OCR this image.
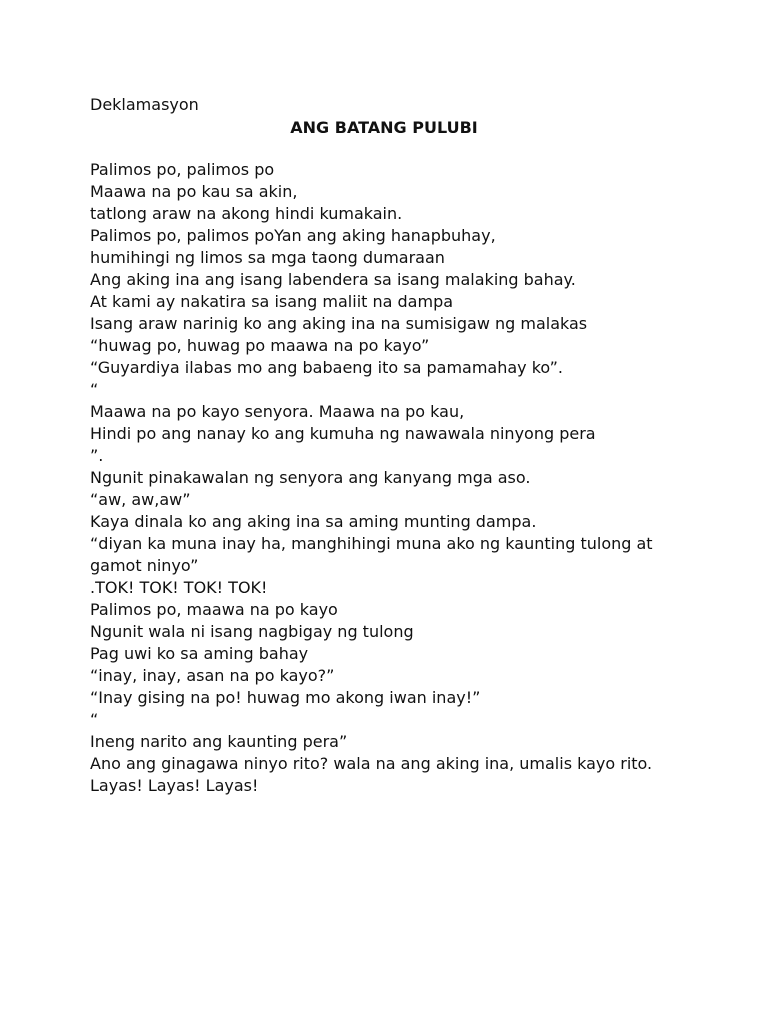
Deklamasyon
ANG BATANG PULUBI
Palimos po, palimos po
Maawa na po kau sa akin,
tatlong araw na akong hindi kumakain.
Palimos po, palimos poYan ang aking hanapbuhay,
humihingi ng limos sa mga taong dumaraan
Ang aking ina ang isang labendera sa isang malaking bahay.
At kami ay nakatira sa isang maliit na dampa
Isang araw narinig ko ang aking ina na sumisigaw ng malakas
“huwag po, huwag po maawa na po kayo”
“Guyardiya ilabas mo ang babaeng ito sa pamamahay ko”.
“
Maawa na po kayo senyora. Maawa na po kau,
Hindi po ang nanay ko ang kumuha ng nawawala ninyong pera
”.
Ngunit pinakawalan ng senyora ang kanyang mga aso.
“aw, aw,aw”
Kaya dinala ko ang aking ina sa aming munting dampa.
“diyan ka muna inay ha, manghihingi muna ako ng kaunting tulong at
gamot ninyo”
.TOK! TOK! TOK! TOK!
Palimos po, maawa na po kayo
Ngunit wala ni isang nagbigay ng tulong
Pag uwi ko sa aming bahay
“inay, inay, asan na po kayo?”
“Inay gising na po! huwag mo akong iwan inay!”
“
Ineng narito ang kaunting pera”
Ano ang ginagawa ninyo rito? wala na ang aking ina, umalis kayo rito.
Layas! Layas! Layas!
